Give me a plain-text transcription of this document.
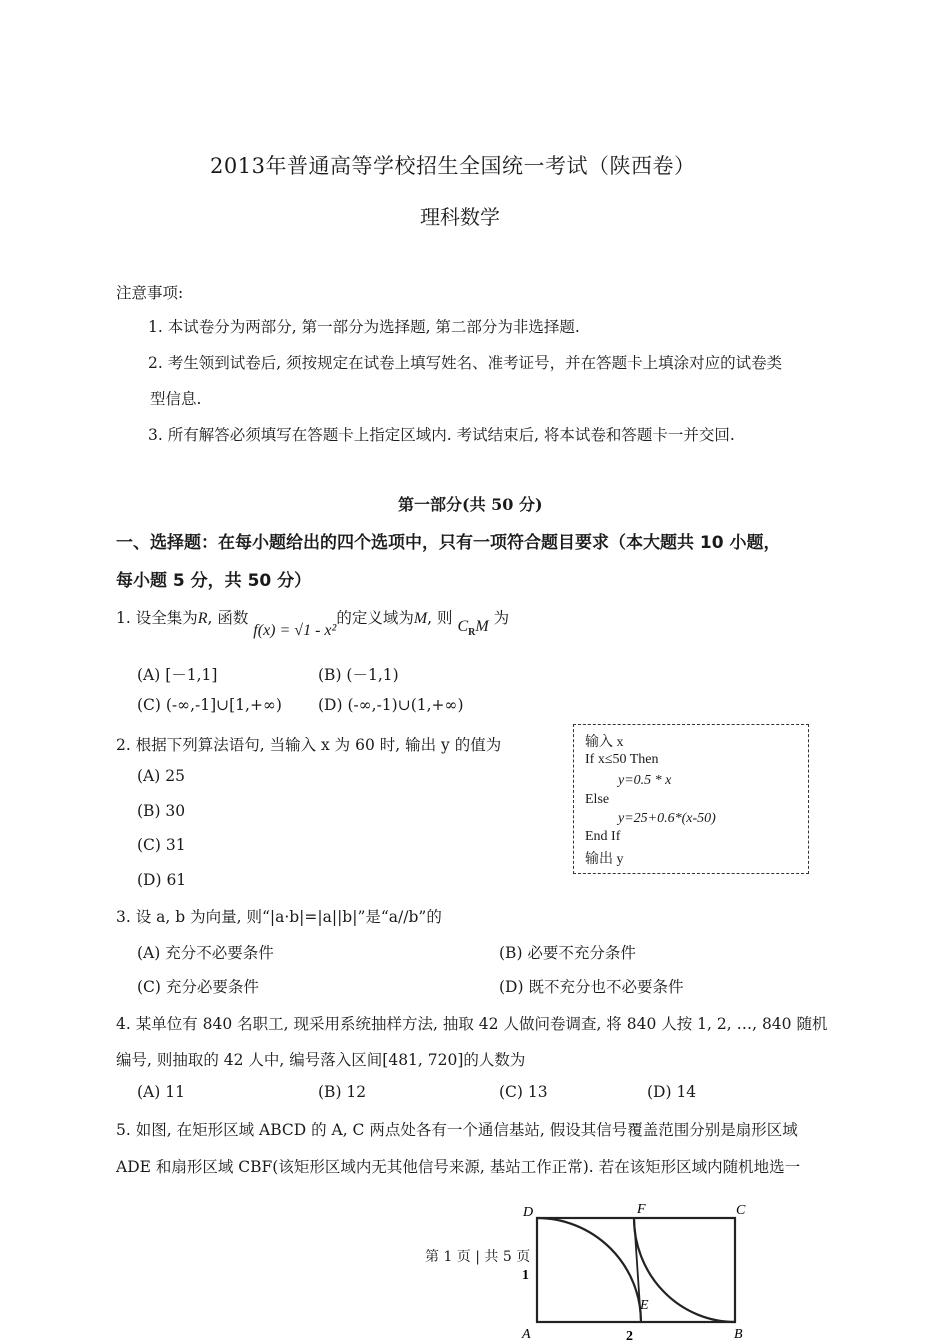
2013年普通高等学校招生全国统一考试（陕西卷）
理科数学
注意事项:
1. 本试卷分为两部分, 第一部分为选择题, 第二部分为非选择题.
2. 考生领到试卷后, 须按规定在试卷上填写姓名、准考证号，并在答题卡上填涂对应的试卷类
型信息.
3. 所有解答必须填写在答题卡上指定区域内. 考试结束后, 将本试卷和答题卡一并交回.
第一部分(共 50 分)
一、选择题：在每小题给出的四个选项中，只有一项符合题目要求（本大题共 10 小题，
每小题 5 分，共 50 分）
1. 设全集为R, 函数 f(x) = √1 - x²的定义域为M, 则 $C_RM$ 为
(A) [－1,1]	(B) (－1,1)
(C) (-∞,-1]∪[1,+∞) (D) (-∞,-1)∪(1,+∞)
2. 根据下列算法语句, 当输入 x 为 60 时, 输出 y 的值为
(A) 25
(B) 30
(C) 31
(D) 61
输入 x
If x≤50 Then
y=0.5 * x
Else
y=25+0.6*(x-50)
End If
输出 y
3. 设 a, b 为向量, 则“|a·b|=|a||b|”是“a//b”的
(A) 充分不必要条件	(B) 必要不充分条件
(C) 充分必要条件	(D) 既不充分也不必要条件
4. 某单位有 840 名职工, 现采用系统抽样方法, 抽取 42 人做问卷调查, 将 840 人按 1, 2, …, 840 随机
编号, 则抽取的 42 人中, 编号落入区间[481, 720]的人数为
(A) 11	(B) 12	(C) 13	(D) 14
5. 如图, 在矩形区域 ABCD 的 A, C 两点处各有一个通信基站, 假设其信号覆盖范围分别是扇形区域
ADE 和扇形区域 CBF(该矩形区域内无其他信号来源, 基站工作正常). 若在该矩形区域内随机地选一
D	F	C
E
1
A	2	B
第 1 页 | 共 5 页
